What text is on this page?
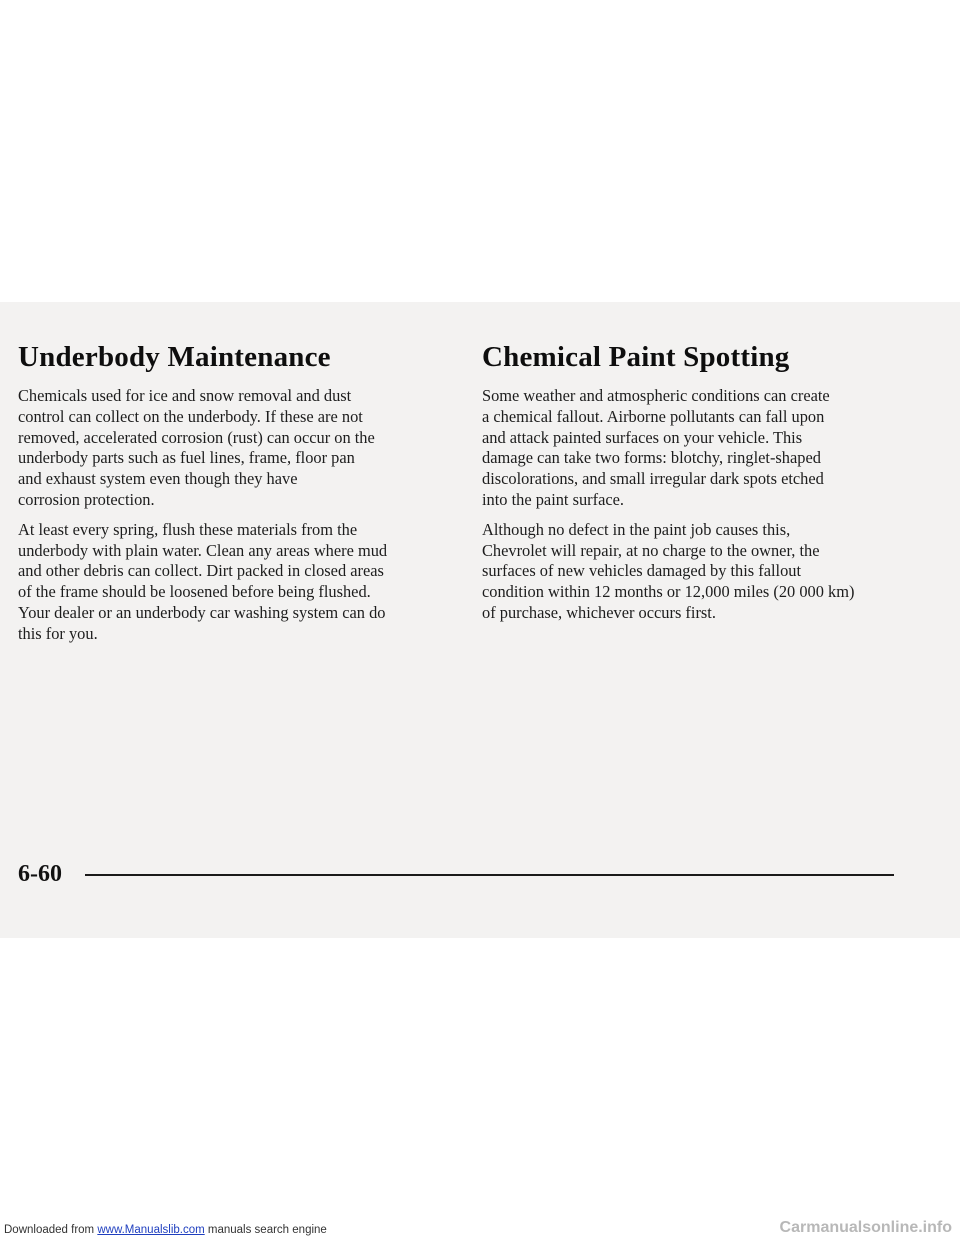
Underbody Maintenance

Chemicals used for ice and snow removal and dust
control can collect on the underbody. If these are not
removed, accelerated corrosion (rust) can occur on the
underbody parts such as fuel lines, frame, floor pan
and exhaust system even though they have
corrosion protection.

At least every spring, flush these materials from the
underbody with plain water. Clean any areas where mud
and other debris can collect. Dirt packed in closed areas
of the frame should be loosened before being flushed.
Your dealer or an underbody car washing system can do
this for you.

Chemical Paint Spotting

Some weather and atmospheric conditions can create
a chemical fallout. Airborne pollutants can fall upon
and attack painted surfaces on your vehicle. This
damage can take two forms: blotchy, ringlet-shaped
discolorations, and small irregular dark spots etched
into the paint surface.

Although no defect in the paint job causes this,
Chevrolet will repair, at no charge to the owner, the
surfaces of new vehicles damaged by this fallout
condition within 12 months or 12,000 miles (20 000 km)
of purchase, whichever occurs first.

6-60
Downloaded from www.Manualslib.com manuals search engine	Carmanualsonline.info
